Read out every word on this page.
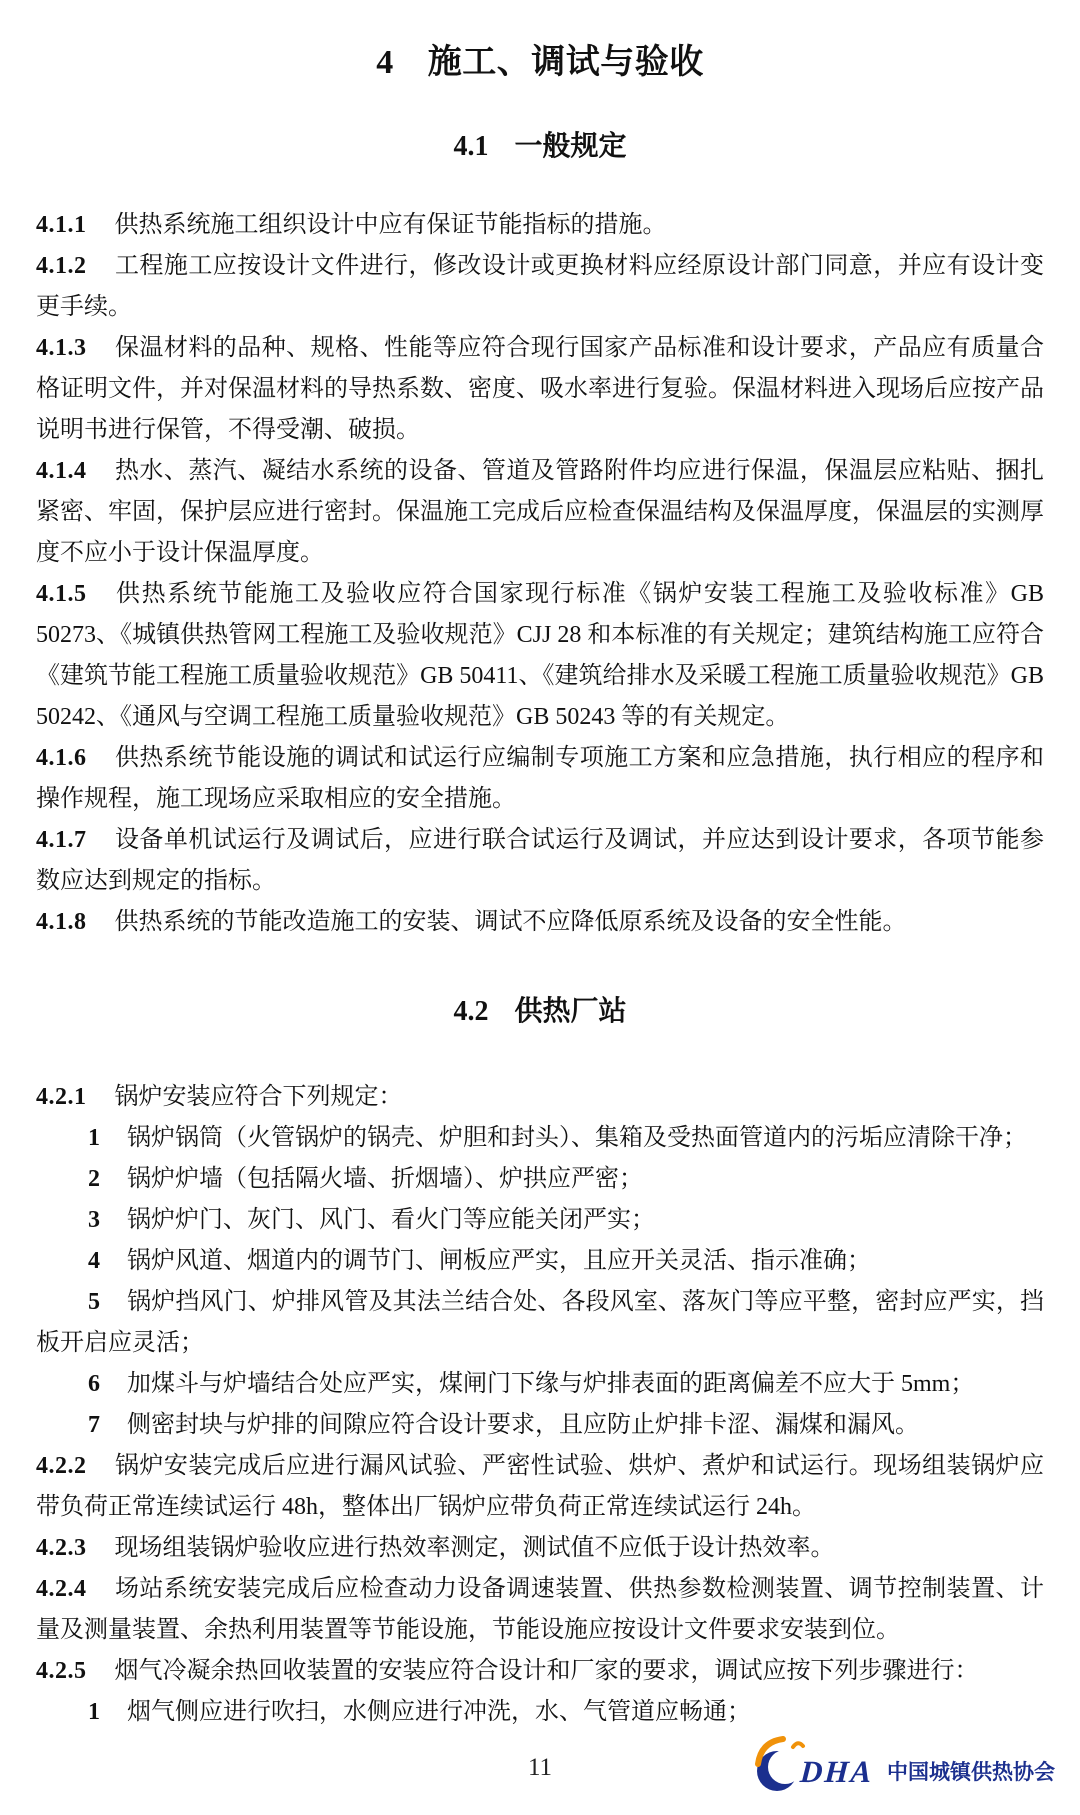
4 施工、调试与验收
4.1 一般规定

4.1.1 供热系统施工组织设计中应有保证节能指标的措施。

4.1.2 工程施工应按设计文件进行，修改设计或更换材料应经原设计部门同意，并应有设计变更手续。

4.1.3 保温材料的品种、规格、性能等应符合现行国家产品标准和设计要求，产品应有质量合格证明文件，并对保温材料的导热系数、密度、吸水率进行复验。保温材料进入现场后应按产品说明书进行保管，不得受潮、破损。

4.1.4 热水、蒸汽、凝结水系统的设备、管道及管路附件均应进行保温，保温层应粘贴、捆扎紧密、牢固，保护层应进行密封。保温施工完成后应检查保温结构及保温厚度，保温层的实测厚度不应小于设计保温厚度。

4.1.5 供热系统节能施工及验收应符合国家现行标准《锅炉安装工程施工及验收标准》GB 50273、《城镇供热管网工程施工及验收规范》CJJ 28 和本标准的有关规定；建筑结构施工应符合《建筑节能工程施工质量验收规范》GB 50411、《建筑给排水及采暖工程施工质量验收规范》GB 50242、《通风与空调工程施工质量验收规范》GB 50243 等的有关规定。

4.1.6 供热系统节能设施的调试和试运行应编制专项施工方案和应急措施，执行相应的程序和操作规程，施工现场应采取相应的安全措施。

4.1.7 设备单机试运行及调试后，应进行联合试运行及调试，并应达到设计要求，各项节能参数应达到规定的指标。

4.1.8 供热系统的节能改造施工的安装、调试不应降低原系统及设备的安全性能。

4.2 供热厂站

4.2.1 锅炉安装应符合下列规定：

1 锅炉锅筒（火管锅炉的锅壳、炉胆和封头）、集箱及受热面管道内的污垢应清除干净；

2 锅炉炉墙（包括隔火墙、折烟墙）、炉拱应严密；

3 锅炉炉门、灰门、风门、看火门等应能关闭严实；

4 锅炉风道、烟道内的调节门、闸板应严实，且应开关灵活、指示准确；

5 锅炉挡风门、炉排风管及其法兰结合处、各段风室、落灰门等应平整，密封应严实，挡板开启应灵活；

6 加煤斗与炉墙结合处应严实，煤闸门下缘与炉排表面的距离偏差不应大于 5mm；

7 侧密封块与炉排的间隙应符合设计要求，且应防止炉排卡涩、漏煤和漏风。

4.2.2 锅炉安装完成后应进行漏风试验、严密性试验、烘炉、煮炉和试运行。现场组装锅炉应带负荷正常连续试运行 48h，整体出厂锅炉应带负荷正常连续试运行 24h。

4.2.3 现场组装锅炉验收应进行热效率测定，测试值不应低于设计热效率。

4.2.4 场站系统安装完成后应检查动力设备调速装置、供热参数检测装置、调节控制装置、计量及测量装置、余热利用装置等节能设施，节能设施应按设计文件要求安装到位。

4.2.5 烟气冷凝余热回收装置的安装应符合设计和厂家的要求，调试应按下列步骤进行：

1 烟气侧应进行吹扫，水侧应进行冲洗，水、气管道应畅通；

11	DHA 中国城镇供热协会
